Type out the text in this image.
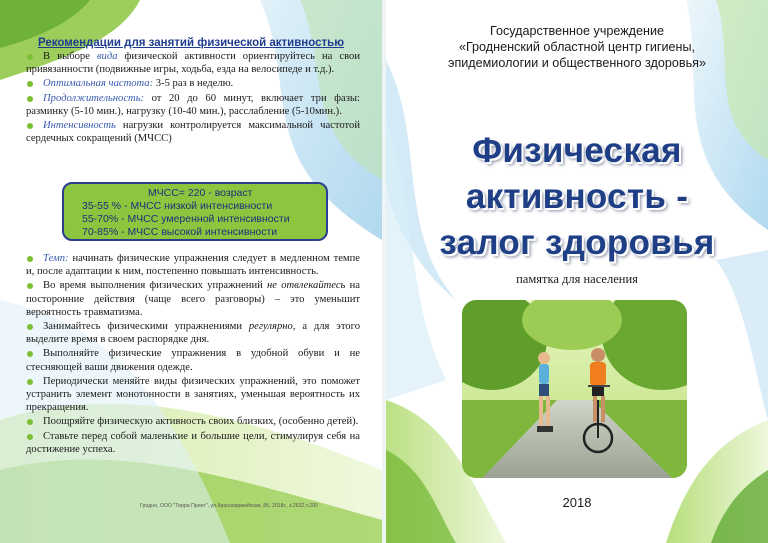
Рекомендации для занятий физической активностью

В выборе вида физической активности ориентируйтесь на свои привязанности (подвижные игры, ходьба, езда на велосипеде и т.д.).

Оптимальная частота: 3-5 раз в неделю.

Продолжительность: от 20 до 60 минут, включает три фазы: разминку (5-10 мин.), нагрузку (10-40 мин.), расслабление (5-10мин.).

Интенсивность нагрузки контролируется максимальной частотой сердечных сокращений (МЧСС)

МЧСС= 220 - возраст
35-55 % - МЧСС низкой интенсивности
55-70% - МЧСС умеренной интенсивности
70-85% - МЧСС высокой интенсивности

Темп: начинать физические упражнения следует в медленном темпе и, после адаптации к ним, постепенно повышать интенсивность.

Во время выполнения физических упражнений не отвлекайтесь на посторонние действия (чаще всего разговоры) – это уменьшит вероятность травматизма.

Занимайтесь физическими упражнениями регулярно, а для этого выделите время в своем распорядке дня.

Выполняйте физические упражнения в удобной обуви и не стесняющей ваши движения одежде.

Периодически меняйте виды физических упражнений, это поможет устранить элемент монотонности в занятиях, уменьшая вероятность их прекращения.

Поощряйте физическую активность своих близких, (особенно детей).

Ставьте перед собой маленькие и большие цели, стимулируя себя на достижение успеха.

Гродно, ООО "Терра Принт", ул.Красноармейская, 85, 2018г., з.2632,т.200
Государственное учреждение
«Гродненский областной центр гигиены,
эпидемиологии и общественного здоровья»
Физическая
активность -
залог здоровья
памятка для населения
2018
